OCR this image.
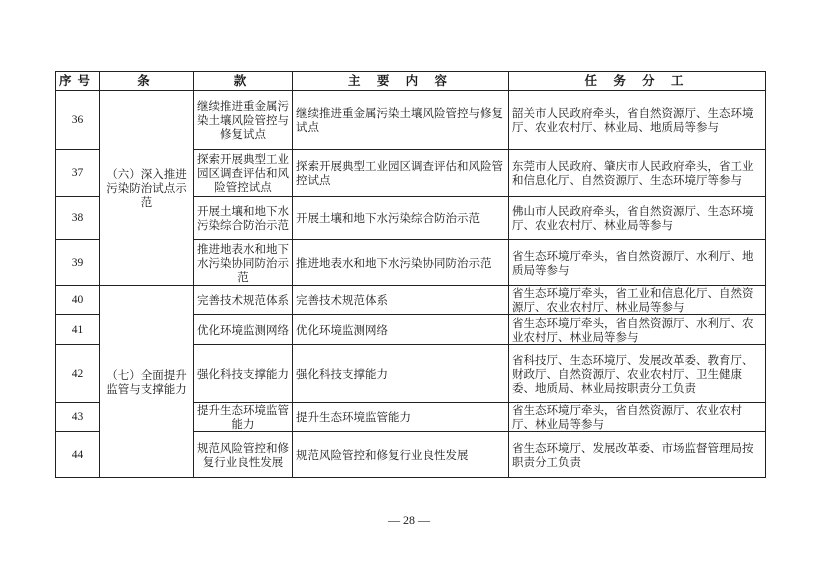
序号	条	款	主 要 内 容	任 务 分 工
36	（六）深入推进污染防治试点示范	继续推进重金属污染土壤风险管控与修复试点	继续推进重金属污染土壤风险管控与修复试点	韶关市人民政府牵头，省自然资源厅、生态环境厅、农业农村厅、林业局、地质局等参与
37		探索开展典型工业园区调查评估和风险管控试点	探索开展典型工业园区调查评估和风险管控试点	东莞市人民政府、肇庆市人民政府牵头，省工业和信息化厅、自然资源厅、生态环境厅等参与
38		开展土壤和地下水污染综合防治示范	开展土壤和地下水污染综合防治示范	佛山市人民政府牵头，省自然资源厅、生态环境厅、农业农村厅、林业局等参与
39		推进地表水和地下水污染协同防治示范	推进地表水和地下水污染协同防治示范	省生态环境厅牵头，省自然资源厅、水利厅、地质局等参与
40	（七）全面提升监管与支撑能力	完善技术规范体系	完善技术规范体系	省生态环境厅牵头，省工业和信息化厅、自然资源厅、农业农村厅、林业局等参与
41		优化环境监测网络	优化环境监测网络	省生态环境厅牵头，省自然资源厅、水利厅、农业农村厅、林业局等参与
42		强化科技支撑能力	强化科技支撑能力	省科技厅、生态环境厅、发展改革委、教育厅、财政厅、自然资源厅、农业农村厅、卫生健康委、地质局、林业局按职责分工负责
43		提升生态环境监管能力	提升生态环境监管能力	省生态环境厅牵头，省自然资源厅、农业农村厅、林业局等参与
44		规范风险管控和修复行业良性发展	规范风险管控和修复行业良性发展	省生态环境厅、发展改革委、市场监督管理局按职责分工负责
— 28 —
